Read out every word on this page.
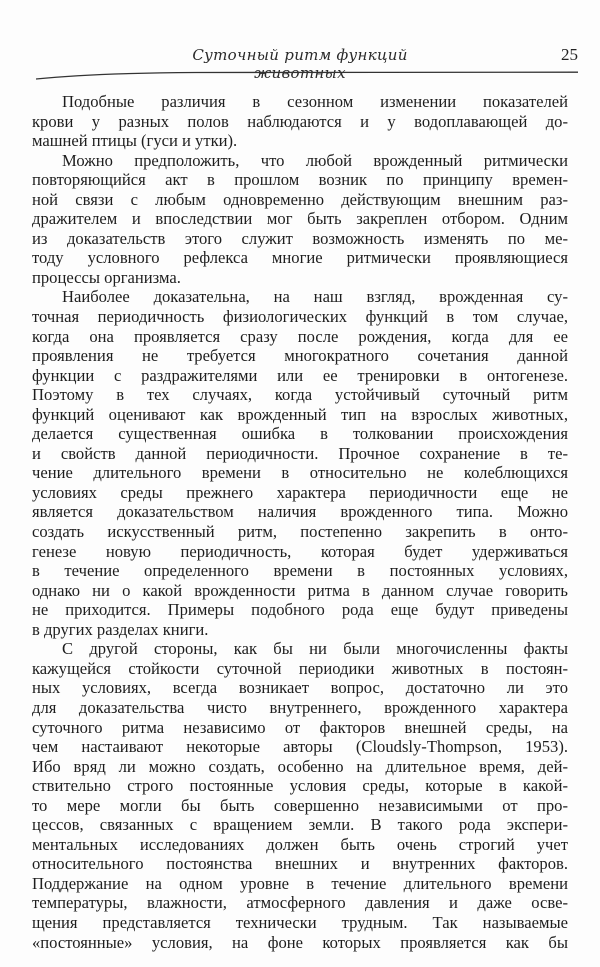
Суточный ритм функций животных
25
Подобные различия в сезонном изменении показателей
крови у разных полов наблюдаются и у водоплавающей до-
машней птицы (гуси и утки).
Можно предположить, что любой врожденный ритмически
повторяющийся акт в прошлом возник по принципу времен-
ной связи с любым одновременно действующим внешним раз-
дражителем и впоследствии мог быть закреплен отбором. Одним
из доказательств этого служит возможность изменять по ме-
тоду условного рефлекса многие ритмически проявляющиеся
процессы организма.
Наиболее доказательна, на наш взгляд, врожденная су-
точная периодичность физиологических функций в том случае,
когда она проявляется сразу после рождения, когда для ее
проявления не требуется многократного сочетания данной
функции с раздражителями или ее тренировки в онтогенезе.
Поэтому в тех случаях, когда устойчивый суточный ритм
функций оценивают как врожденный тип на взрослых животных,
делается существенная ошибка в толковании происхождения
и свойств данной периодичности. Прочное сохранение в те-
чение длительного времени в относительно не колеблющихся
условиях среды прежнего характера периодичности еще не
является доказательством наличия врожденного типа. Можно
создать искусственный ритм, постепенно закрепить в онто-
генезе новую периодичность, которая будет удерживаться
в течение определенного времени в постоянных условиях,
однако ни о какой врожденности ритма в данном случае говорить
не приходится. Примеры подобного рода еще будут приведены
в других разделах книги.
С другой стороны, как бы ни были многочисленны факты
кажущейся стойкости суточной периодики животных в постоян-
ных условиях, всегда возникает вопрос, достаточно ли это
для доказательства чисто внутреннего, врожденного характера
суточного ритма независимо от факторов внешней среды, на
чем настаивают некоторые авторы (Cloudsly-Thompson, 1953).
Ибо вряд ли можно создать, особенно на длительное время, дей-
ствительно строго постоянные условия среды, которые в какой-
то мере могли бы быть совершенно независимыми от про-
цессов, связанных с вращением земли. В такого рода экспери-
ментальных исследованиях должен быть очень строгий учет
относительного постоянства внешних и внутренних факторов.
Поддержание на одном уровне в течение длительного времени
температуры, влажности, атмосферного давления и даже осве-
щения представляется технически трудным. Так называемые
«постоянные» условия, на фоне которых проявляется как бы
